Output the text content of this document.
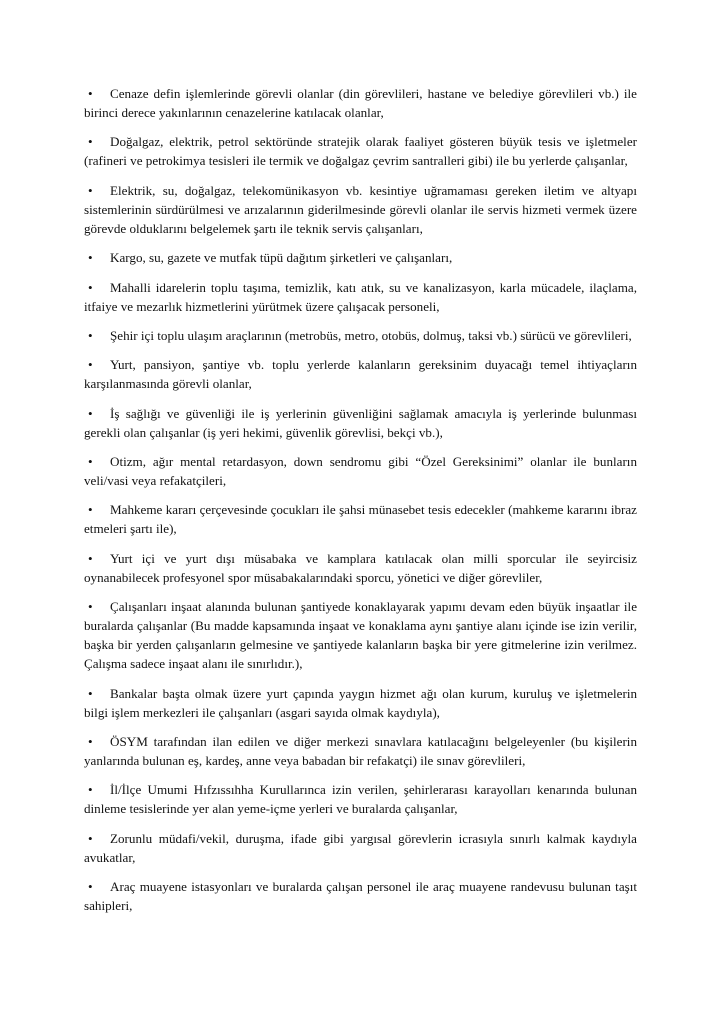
• Cenaze defin işlemlerinde görevli olanlar (din görevlileri, hastane ve belediye görevlileri vb.) ile birinci derece yakınlarının cenazelerine katılacak olanlar,

• Doğalgaz, elektrik, petrol sektöründe stratejik olarak faaliyet gösteren büyük tesis ve işletmeler (rafineri ve petrokimya tesisleri ile termik ve doğalgaz çevrim santralleri gibi) ile bu yerlerde çalışanlar,

• Elektrik, su, doğalgaz, telekomünikasyon vb. kesintiye uğramaması gereken iletim ve altyapı sistemlerinin sürdürülmesi ve arızalarının giderilmesinde görevli olanlar ile servis hizmeti vermek üzere görevde olduklarını belgelemek şartı ile teknik servis çalışanları,

• Kargo, su, gazete ve mutfak tüpü dağıtım şirketleri ve çalışanları,

• Mahalli idarelerin toplu taşıma, temizlik, katı atık, su ve kanalizasyon, karla mücadele, ilaçlama, itfaiye ve mezarlık hizmetlerini yürütmek üzere çalışacak personeli,

• Şehir içi toplu ulaşım araçlarının (metrobüs, metro, otobüs, dolmuş, taksi vb.) sürücü ve görevlileri,

• Yurt, pansiyon, şantiye vb. toplu yerlerde kalanların gereksinim duyacağı temel ihtiyaçların karşılanmasında görevli olanlar,

• İş sağlığı ve güvenliği ile iş yerlerinin güvenliğini sağlamak amacıyla iş yerlerinde bulunması gerekli olan çalışanlar (iş yeri hekimi, güvenlik görevlisi, bekçi vb.),

• Otizm, ağır mental retardasyon, down sendromu gibi “Özel Gereksinimi” olanlar ile bunların veli/vasi veya refakatçileri,

• Mahkeme kararı çerçevesinde çocukları ile şahsi münasebet tesis edecekler (mahkeme kararını ibraz etmeleri şartı ile),

• Yurt içi ve yurt dışı müsabaka ve kamplara katılacak olan milli sporcular ile seyircisiz oynanabilecek profesyonel spor müsabakalarındaki sporcu, yönetici ve diğer görevliler,

• Çalışanları inşaat alanında bulunan şantiyede konaklayarak yapımı devam eden büyük inşaatlar ile buralarda çalışanlar (Bu madde kapsamında inşaat ve konaklama aynı şantiye alanı içinde ise izin verilir, başka bir yerden çalışanların gelmesine ve şantiyede kalanların başka bir yere gitmelerine izin verilmez. Çalışma sadece inşaat alanı ile sınırlıdır.),

• Bankalar başta olmak üzere yurt çapında yaygın hizmet ağı olan kurum, kuruluş ve işletmelerin bilgi işlem merkezleri ile çalışanları (asgari sayıda olmak kaydıyla),

• ÖSYM tarafından ilan edilen ve diğer merkezi sınavlara katılacağını belgeleyenler (bu kişilerin yanlarında bulunan eş, kardeş, anne veya babadan bir refakatçi) ile sınav görevlileri,

• İl/İlçe Umumi Hıfzıssıhha Kurullarınca izin verilen, şehirlerarası karayolları kenarında bulunan dinleme tesislerinde yer alan yeme-içme yerleri ve buralarda çalışanlar,

• Zorunlu müdafi/vekil, duruşma, ifade gibi yargısal görevlerin icrasıyla sınırlı kalmak kaydıyla avukatlar,

• Araç muayene istasyonları ve buralarda çalışan personel ile araç muayene randevusu bulunan taşıt sahipleri,
